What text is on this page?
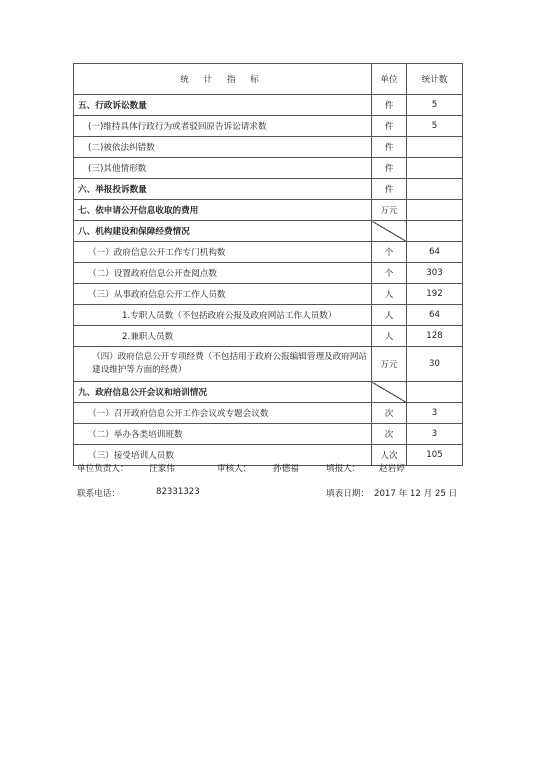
统 计 指 标	单位	统计数
五、行政诉讼数量	件	5
(一)维持具体行政行为或者驳回原告诉讼请求数	件	5
(二)被依法纠错数	件	
(三)其他情形数	件	
六、举报投诉数量	件	
七、依申请公开信息收取的费用	万元	
八、机构建设和保障经费情况		
（一）政府信息公开工作专门机构数	个	64
（二）设置政府信息公开查阅点数	个	303
（三）从事政府信息公开工作人员数	人	192
1.专职人员数（不包括政府公报及政府网站工作人员数）	人	64
2.兼职人员数	人	128
（四）政府信息公开专项经费（不包括用于政府公报编辑管理及政府网站建设维护等方面的经费）	万元	30
九、政府信息公开会议和培训情况		
（一）召开政府信息公开工作会议或专题会议数	次	3
（二）举办各类培训班数	次	3
（三）接受培训人员数	人次	105
单位负责人： 汪家伟	审核人：	孙德福	填报人： 赵岩婷
联系电话：	82331323	填表日期： 2017 年 12 月 25 日
